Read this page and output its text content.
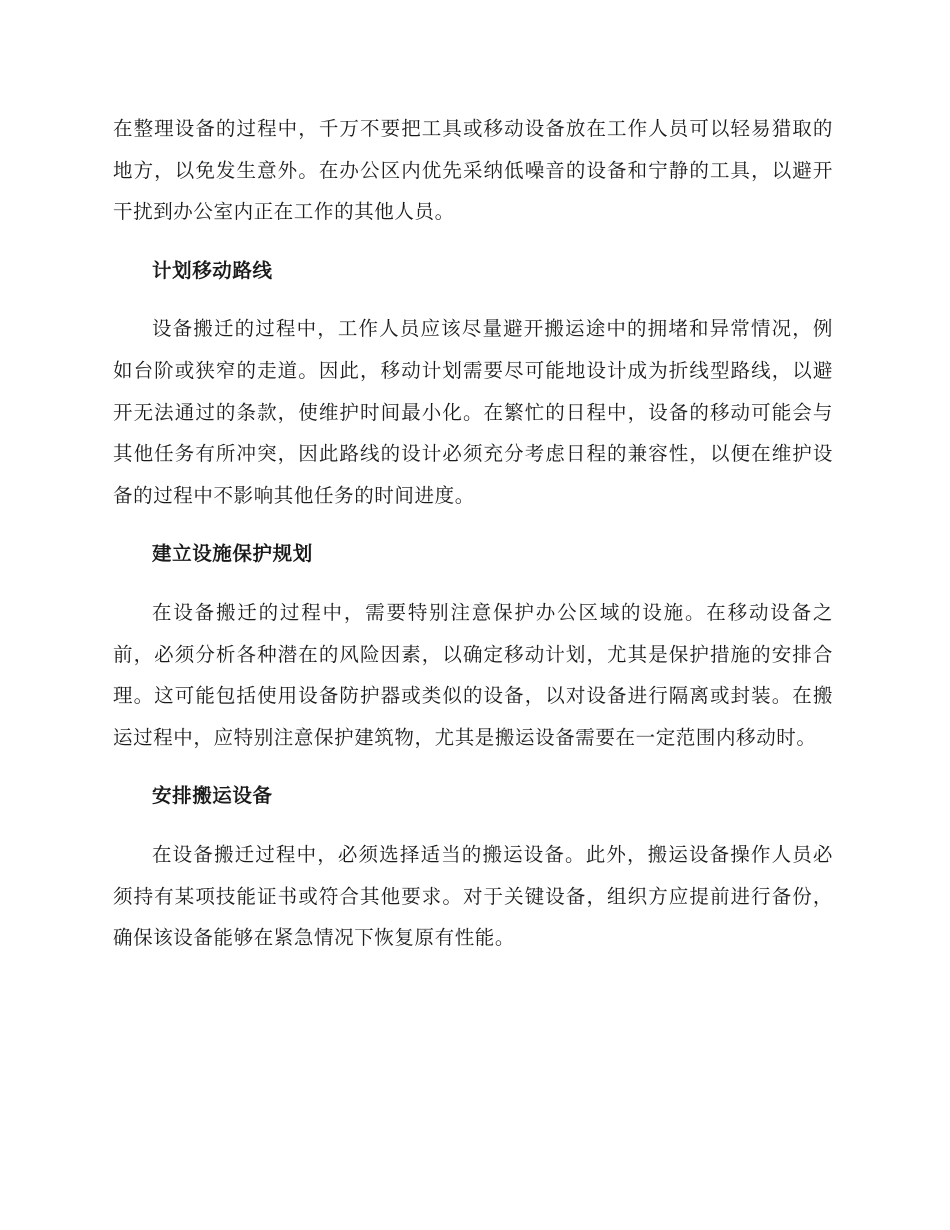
在整理设备的过程中，千万不要把工具或移动设备放在工作人员可以轻易猎取的地方，以免发生意外。在办公区内优先采纳低噪音的设备和宁静的工具，以避开干扰到办公室内正在工作的其他人员。

计划移动路线

设备搬迁的过程中，工作人员应该尽量避开搬运途中的拥堵和异常情况，例如台阶或狭窄的走道。因此，移动计划需要尽可能地设计成为折线型路线，以避开无法通过的条款，使维护时间最小化。在繁忙的日程中，设备的移动可能会与其他任务有所冲突，因此路线的设计必须充分考虑日程的兼容性，以便在维护设备的过程中不影响其他任务的时间进度。

建立设施保护规划

在设备搬迁的过程中，需要特别注意保护办公区域的设施。在移动设备之前，必须分析各种潜在的风险因素，以确定移动计划，尤其是保护措施的安排合理。这可能包括使用设备防护器或类似的设备，以对设备进行隔离或封装。在搬运过程中，应特别注意保护建筑物，尤其是搬运设备需要在一定范围内移动时。

安排搬运设备

在设备搬迁过程中，必须选择适当的搬运设备。此外，搬运设备操作人员必须持有某项技能证书或符合其他要求。对于关键设备，组织方应提前进行备份，确保该设备能够在紧急情况下恢复原有性能。
